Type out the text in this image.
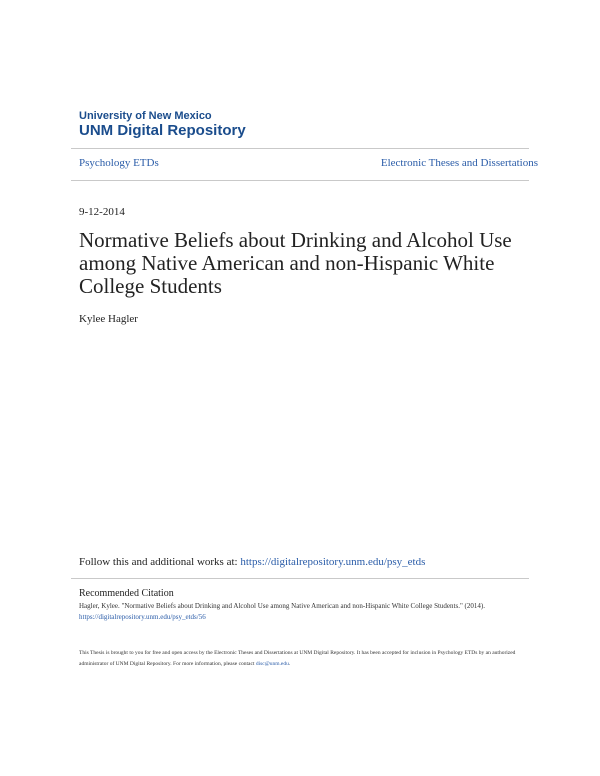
University of New Mexico
UNM Digital Repository
Psychology ETDs	Electronic Theses and Dissertations
9-12-2014
Normative Beliefs about Drinking and Alcohol Use among Native American and non-Hispanic White College Students
Kylee Hagler
Follow this and additional works at: https://digitalrepository.unm.edu/psy_etds
Recommended Citation
Hagler, Kylee. "Normative Beliefs about Drinking and Alcohol Use among Native American and non-Hispanic White College Students." (2014). https://digitalrepository.unm.edu/psy_etds/56
This Thesis is brought to you for free and open access by the Electronic Theses and Dissertations at UNM Digital Repository. It has been accepted for inclusion in Psychology ETDs by an authorized administrator of UNM Digital Repository. For more information, please contact disc@unm.edu.
